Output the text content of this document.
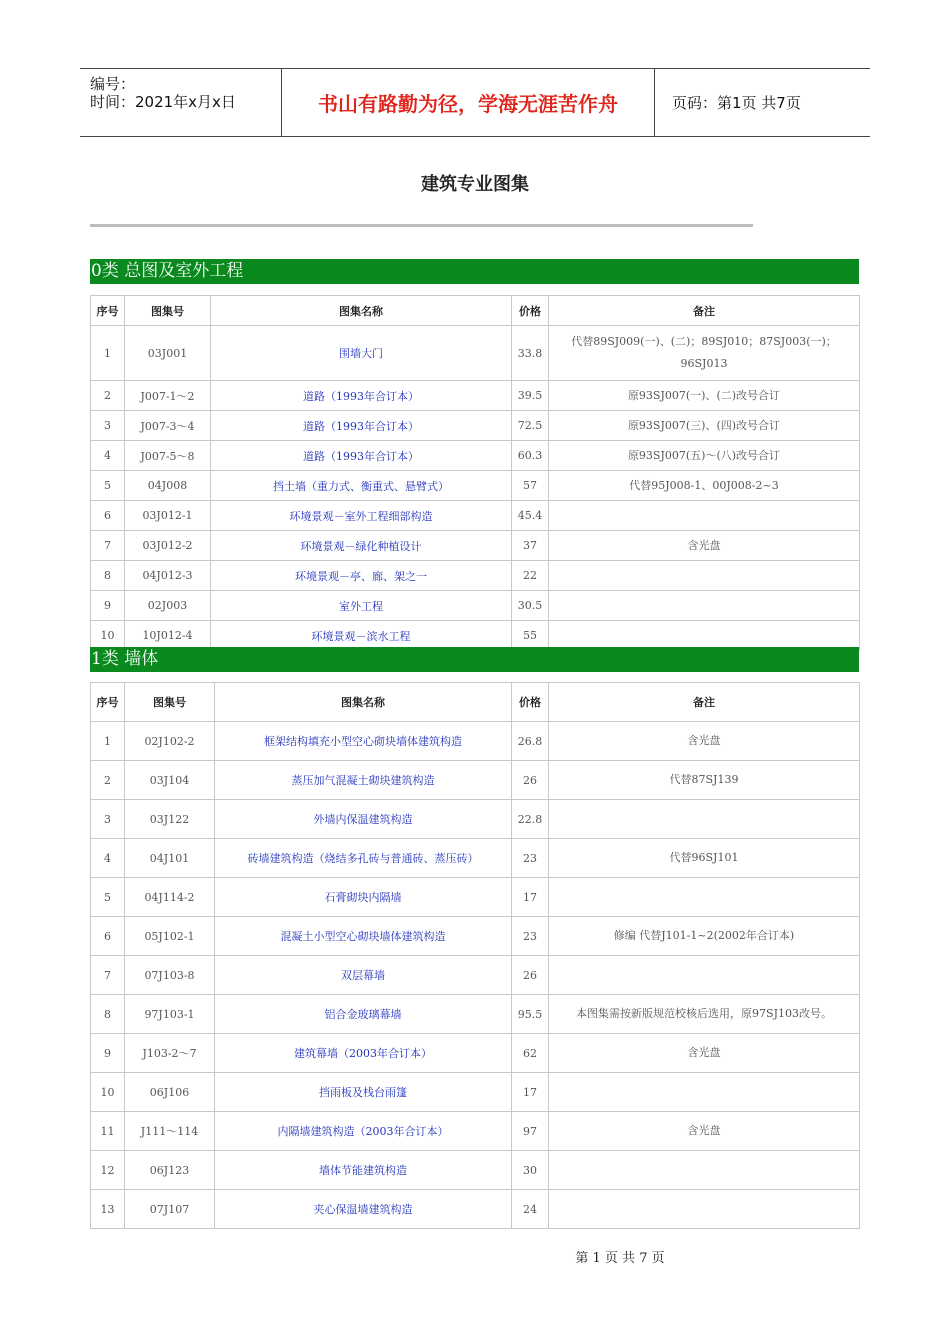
编号：
时间：2021年x月x日	书山有路勤为径，学海无涯苦作舟	页码：第1页 共7页
建筑专业图集
0类 总图及室外工程
序号	图集号	图集名称	价格	备注
1	03J001	围墙大门	33.8	代替89SJ009(一)、(二)；89SJ010；87SJ003(一)；96SJ013
2	J007-1～2	道路（1993年合订本）	39.5	原93SJ007(一)、(二)改号合订
3	J007-3～4	道路（1993年合订本）	72.5	原93SJ007(三)、(四)改号合订
4	J007-5～8	道路（1993年合订本）	60.3	原93SJ007(五)～(八)改号合订
5	04J008	挡土墙（重力式、衡重式、悬臂式）	57	代替95J008-1、00J008-2~3
6	03J012-1	环境景观－室外工程细部构造	45.4	
7	03J012-2	环境景观－绿化种植设计	37	含光盘
8	04J012-3	环境景观－亭、廊、架之一	22	
9	02J003	室外工程	30.5	
10	10J012-4	环境景观－滨水工程	55	
1类 墙体
序号	图集号	图集名称	价格	备注
1	02J102-2	框架结构填充小型空心砌块墙体建筑构造	26.8	含光盘
2	03J104	蒸压加气混凝土砌块建筑构造	26	代替87SJ139
3	03J122	外墙内保温建筑构造	22.8	
4	04J101	砖墙建筑构造（烧结多孔砖与普通砖、蒸压砖）	23	代替96SJ101
5	04J114-2	石膏砌块内隔墙	17	
6	05J102-1	混凝土小型空心砌块墙体建筑构造	23	修编 代替J101-1~2(2002年合订本)
7	07J103-8	双层幕墙	26	
8	97J103-1	铝合金玻璃幕墙	95.5	本图集需按新版规范校核后选用，原97SJ103改号。
9	J103-2～7	建筑幕墙（2003年合订本）	62	含光盘
10	06J106	挡雨板及栈台雨篷	17	
11	J111～114	内隔墙建筑构造（2003年合订本）	97	含光盘
12	06J123	墙体节能建筑构造	30	
13	07J107	夹心保温墙建筑构造	24	
第 1 页 共 7 页
